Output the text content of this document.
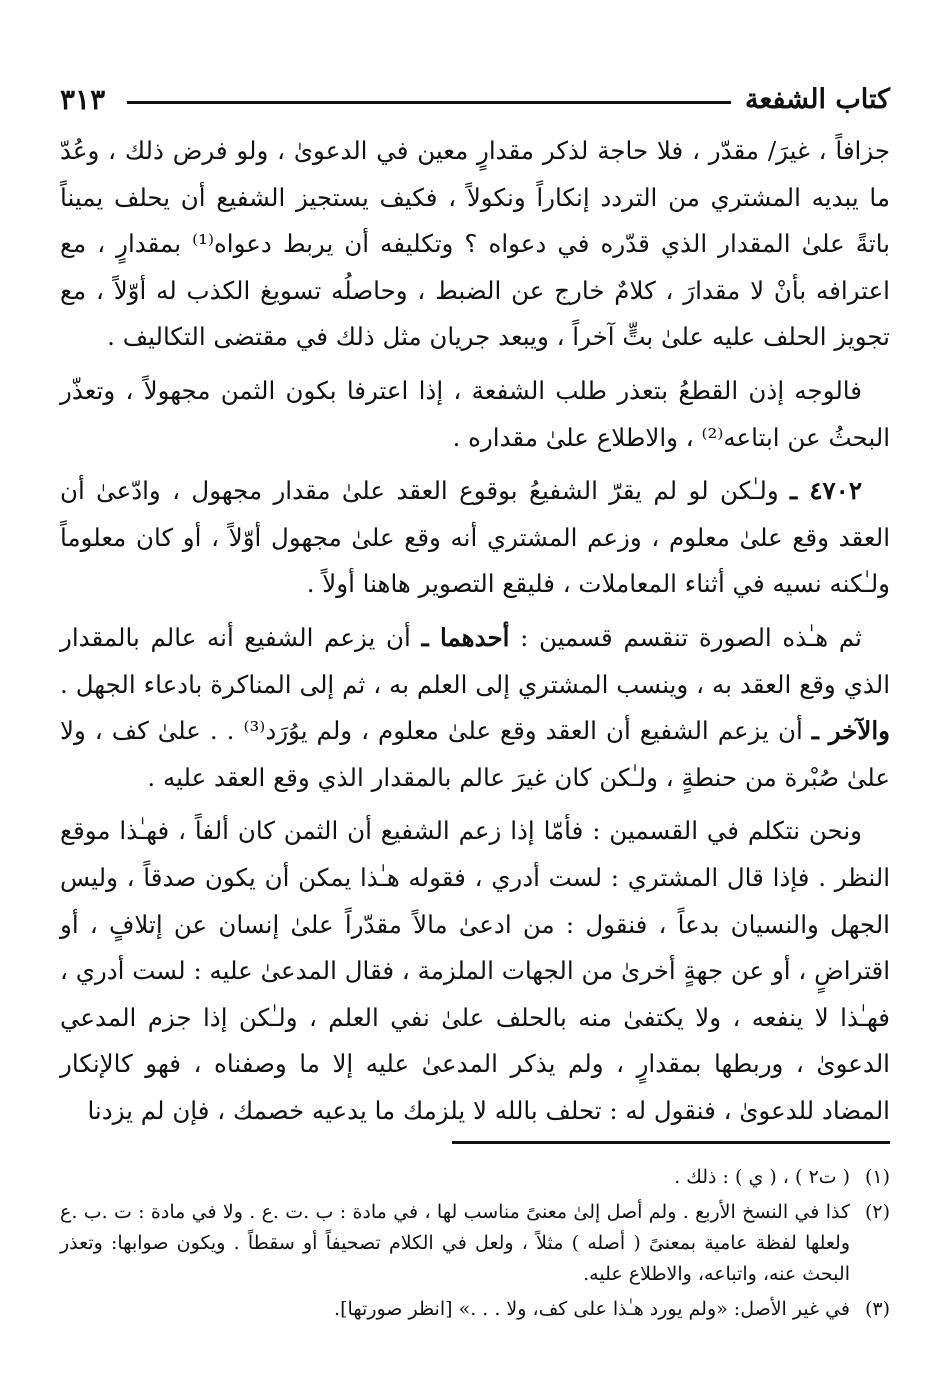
كتاب الشفعة
٣١٣

جزافاً ، غيرَ/ مقدّر ، فلا حاجة لذكر مقدارٍ معين في الدعوىٰ ، ولو فرض ذلك ، وعُدّ ما يبديه المشتري من التردد إنكاراً ونكولاً ، فكيف يستجيز الشفيع أن يحلف يميناً باتةً علىٰ المقدار الذي قدّره في دعواه ؟ وتكليفه أن يربط دعواه⁽¹⁾ بمقدارٍ ، مع اعترافه بأنْ لا مقدارَ ، كلامٌ خارج عن الضبط ، وحاصلُه تسويغ الكذب له أوّلاً ، مع تجويز الحلف عليه علىٰ بتٍّ آخراً ، ويبعد جريان مثل ذلك في مقتضى التكاليف .

فالوجه إذن القطعُ بتعذر طلب الشفعة ، إذا اعترفا بكون الثمن مجهولاً ، وتعذّر البحثُ عن ابتاعه⁽²⁾ ، والاطلاع علىٰ مقداره .

٤٧٠٢ ـ ولـٰكن لو لم يقرّ الشفيعُ بوقوع العقد علىٰ مقدار مجهول ، وادّعىٰ أن العقد وقع علىٰ معلوم ، وزعم المشتري أنه وقع علىٰ مجهول أوّلاً ، أو كان معلوماً ولـٰكنه نسيه في أثناء المعاملات ، فليقع التصوير هاهنا أولاً .

ثم هـٰذه الصورة تنقسم قسمين : أحدهما ـ أن يزعم الشفيع أنه عالم بالمقدار الذي وقع العقد به ، وينسب المشتري إلى العلم به ، ثم إلى المناكرة بادعاء الجهل . والآخر ـ أن يزعم الشفيع أن العقد وقع علىٰ معلوم ، ولم يوُرَد⁽³⁾ . . علىٰ كف ، ولا علىٰ صُبْرة من حنطةٍ ، ولـٰكن كان غيرَ عالم بالمقدار الذي وقع العقد عليه .

ونحن نتكلم في القسمين : فأمّا إذا زعم الشفيع أن الثمن كان ألفاً ، فهـٰذا موقع النظر . فإذا قال المشتري : لست أدري ، فقوله هـٰذا يمكن أن يكون صدقاً ، وليس الجهل والنسيان بدعاً ، فنقول : من ادعىٰ مالاً مقدّراً علىٰ إنسان عن إتلافٍ ، أو اقتراضٍ ، أو عن جهةٍ أخرىٰ من الجهات الملزمة ، فقال المدعىٰ عليه : لست أدري ، فهـٰذا لا ينفعه ، ولا يكتفىٰ منه بالحلف علىٰ نفي العلم ، ولـٰكن إذا جزم المدعي الدعوىٰ ، وربطها بمقدارٍ ، ولم يذكر المدعىٰ عليه إلا ما وصفناه ، فهو كالإنكار المضاد للدعوىٰ ، فنقول له : تحلف بالله لا يلزمك ما يدعيه خصمك ، فإن لم يزدنا

(١)
( ت٢ ) ، ( ي ) : ذلك .
(٢)
كذا في النسخ الأربع . ولم أصل إلىٰ معنىً مناسب لها ، في مادة : ب .ت .ع . ولا في مادة : ت .ب .ع ولعلها لفظة عامية بمعنىً ( أصله ) مثلاً ، ولعل في الكلام تصحيفاً أو سقطاً . ويكون صوابها: وتعذر البحث عنه، واتباعه، والاطلاع عليه.
(٣)
في غير الأصل: «ولم يورد هـٰذا على كف، ولا . . .» [انظر صورتها].
